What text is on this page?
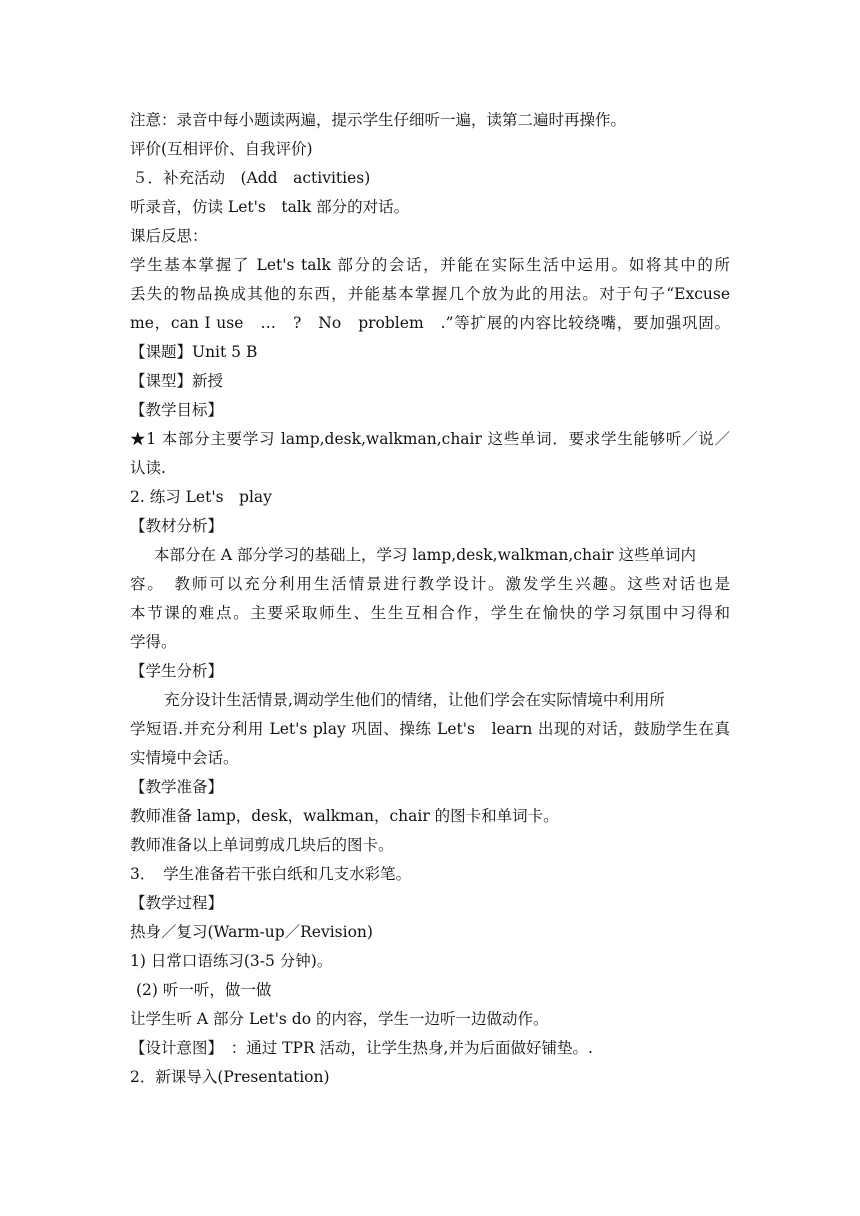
注意：录音中每小题读两遍，提示学生仔细听一遍，读第二遍时再操作。
评价(互相评价、自我评价)
５．补充活动　(Add　activities)
听录音，仿读 Let's　talk 部分的对话。
课后反思：
学生基本掌握了 Let's talk 部分的会话，并能在实际生活中运用。如将其中的所
丢失的物品换成其他的东西，并能基本掌握几个放为此的用法。对于句子“Excuse
me，can I use　…　?　No　problem　.”等扩展的内容比较绕嘴，要加强巩固。
【课题】Unit 5 B
【课型】新授
【教学目标】
★1 本部分主要学习 lamp,desk,walkman,chair 这些单词．要求学生能够听／说／
认读.
2. 练习 Let's　play
【教材分析】
本部分在 A 部分学习的基础上，学习 lamp,desk,walkman,chair 这些单词内
容。　教师可以充分利用生活情景进行教学设计。激发学生兴趣。这些对话也是
本节课的难点。主要采取师生、生生互相合作，学生在愉快的学习氛围中习得和
学得。
【学生分析】
充分设计生活情景,调动学生他们的情绪，让他们学会在实际情境中利用所
学短语.并充分利用 Let's play 巩固、操练 Let's　learn 出现的对话，鼓励学生在真
实情境中会话。
【教学准备】
教师准备 lamp，desk，walkman，chair 的图卡和单词卡。
教师准备以上单词剪成几块后的图卡。
3．　学生准备若干张白纸和几支水彩笔。
【教学过程】
热身／复习(Warm-up／Revision)
1) 日常口语练习(3-5 分钟)。
(2) 听一听，做一做
让学生听 A 部分 Let's do 的内容，学生一边听一边做动作。
【设计意图】　：通过 TPR 活动，让学生热身,并为后面做好铺垫。.
2．新课导入(Presentation)
